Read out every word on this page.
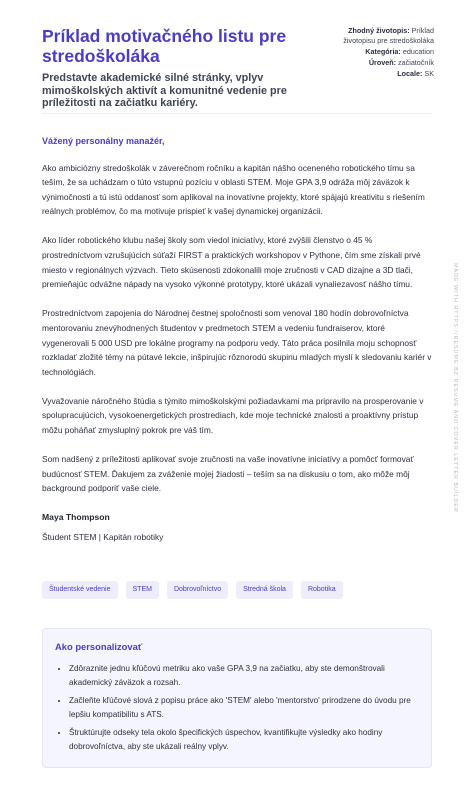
Príklad motivačného listu pre stredoškoláka

Predstavte akademické silné stránky, vplyv mimoškolských aktivít a komunitné vedenie pre príležitosti na začiatku kariéry.

Zhodný životopis: Príklad životopisu pre stredoškoláka
Kategória: education
Úroveň: začiatočník
Locale: SK

Vážený personálny manažér,

Ako ambiciózny stredoškolák v záverečnom ročníku a kapitán nášho oceneného robotického tímu sa teším, že sa uchádzam o túto vstupnú pozíciu v oblasti STEM. Moje GPA 3,9 odráža môj záväzok k výnimočnosti a tú istú oddanosť som aplikoval na inovatívne projekty, ktoré spájajú kreativitu s riešením reálnych problémov, čo ma motivuje prispieť k vašej dynamickej organizácii.

Ako líder robotického klubu našej školy som viedol iniciatívy, ktoré zvýšili členstvo o 45 % prostredníctvom vzrušujúcich súťaží FIRST a praktických workshopov v Pythone, čím sme získali prvé miesto v regionálnych výzvach. Tieto skúsenosti zdokonalili moje zručnosti v CAD dizajne a 3D tlači, premieňajúc odvážne nápady na vysoko výkonné prototypy, ktoré ukázali vynaliezavosť nášho tímu.

Prostredníctvom zapojenia do Národnej čestnej spoločnosti som venoval 180 hodín dobrovoľníctva mentorovaniu znevýhodnených študentov v predmetoch STEM a vedeniu fundraiserov, ktoré vygenerovali 5 000 USD pre lokálne programy na podporu vedy. Táto práca posilnila moju schopnosť rozkladať zložité témy na pútavé lekcie, inšpirujúc rôznorodú skupinu mladých myslí k sledovaniu kariér v technológiách.

Vyvažovanie náročného štúdia s týmito mimoškolskými požiadavkami ma pripravilo na prosperovanie v spolupracujúcich, vysokoenergetických prostrediach, kde moje technické znalosti a proaktívny prístup môžu poháňať zmysluplný pokrok pre váš tím.

Som nadšený z príležitosti aplikovať svoje zručnosti na vaše inovatívne iniciatívy a pomôcť formovať budúcnosť STEM. Ďakujem za zváženie mojej žiadosti – teším sa na diskusiu o tom, ako môže môj background podporiť vaše ciele.

Maya Thompson

Študent STEM | Kapitán robotiky

Študentské vedenie	STEM	Dobrovoľníctvo	Stredná škola	Robotika

Ako personalizovať

• Zdôraznite jednu kľúčovú metriku ako vaše GPA 3,9 na začiatku, aby ste demonštrovali akademický záväzok a rozsah.
• Začleňte kľúčové slová z popisu práce ako 'STEM' alebo 'mentorstvo' prirodzene do úvodu pre lepšiu kompatibilitu s ATS.
• Štruktúrujte odseky tela okolo špecifických úspechov, kvantifikujte výsledky ako hodiny dobrovoľníctva, aby ste ukázali reálny vplyv.
MADE WITH HTTPS://RESUME.BZ RESUME AND COVER LETTER BUILDER
